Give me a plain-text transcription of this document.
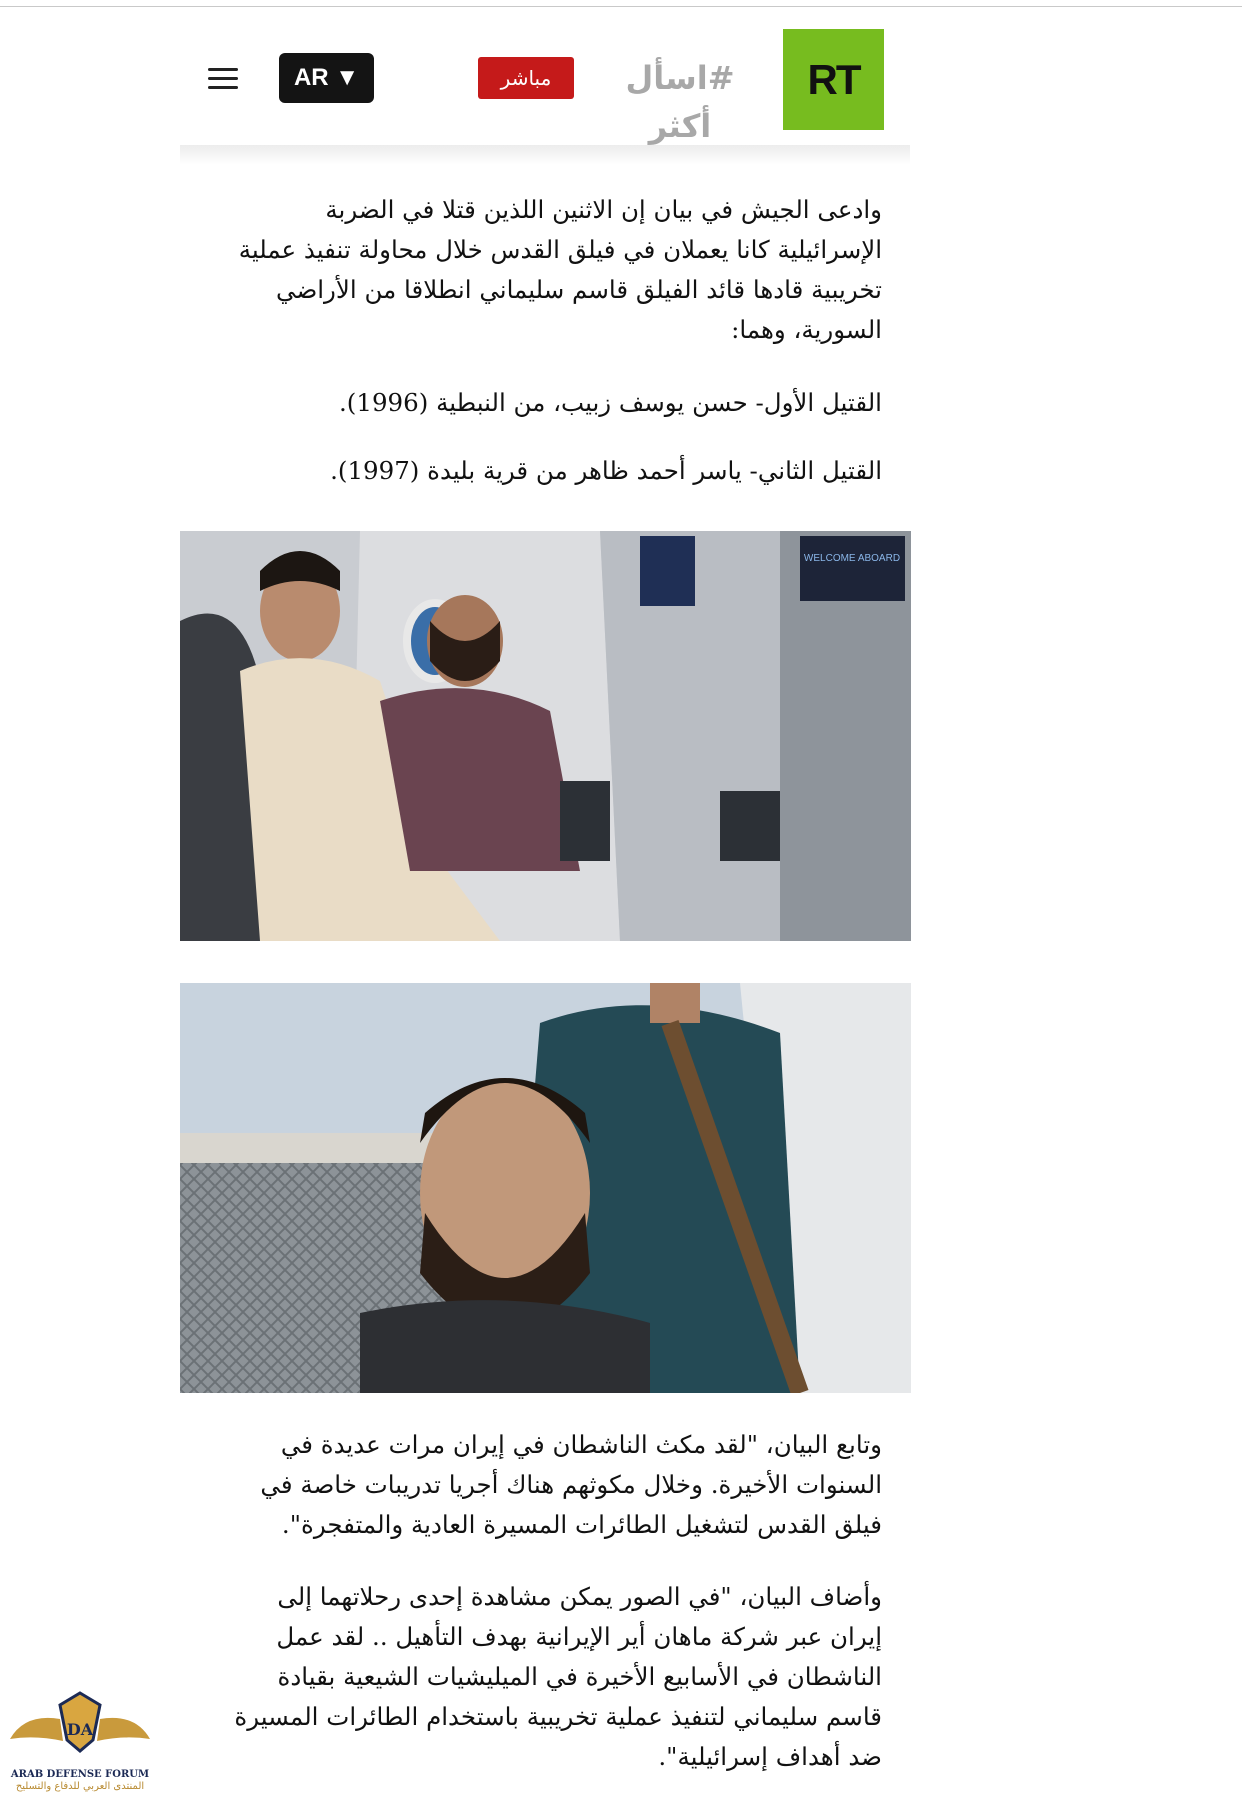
AR ▼	مباشر	#اسأل أكثر
RT
وادعى الجيش في بيان إن الاثنين اللذين قتلا في الضربة الإسرائيلية كانا يعملان في فيلق القدس خلال محاولة تنفيذ عملية تخريبية قادها قائد الفيلق قاسم سليماني انطلاقا من الأراضي السورية، وهما:
القتيل الأول- حسن يوسف زبيب، من النبطية (1996).
القتيل الثاني- ياسر أحمد ظاهر من قرية بليدة (1997).
WELCOME ABOARD
وتابع البيان، "لقد مكث الناشطان في إيران مرات عديدة في السنوات الأخيرة. وخلال مكوثهم هناك أجريا تدريبات خاصة في فيلق القدس لتشغيل الطائرات المسيرة العادية والمتفجرة".
وأضاف البيان، "في الصور يمكن مشاهدة إحدى رحلاتهما إلى إيران عبر شركة ماهان أير الإيرانية بهدف التأهيل .. لقد عمل الناشطان في الأسابيع الأخيرة في الميليشيات الشيعية بقيادة قاسم سليماني لتنفيذ عملية تخريبية باستخدام الطائرات المسيرة ضد أهداف إسرائيلية".
DA
ARAB DEFENSE FORUM
المنتدى العربي للدفاع والتسليح
